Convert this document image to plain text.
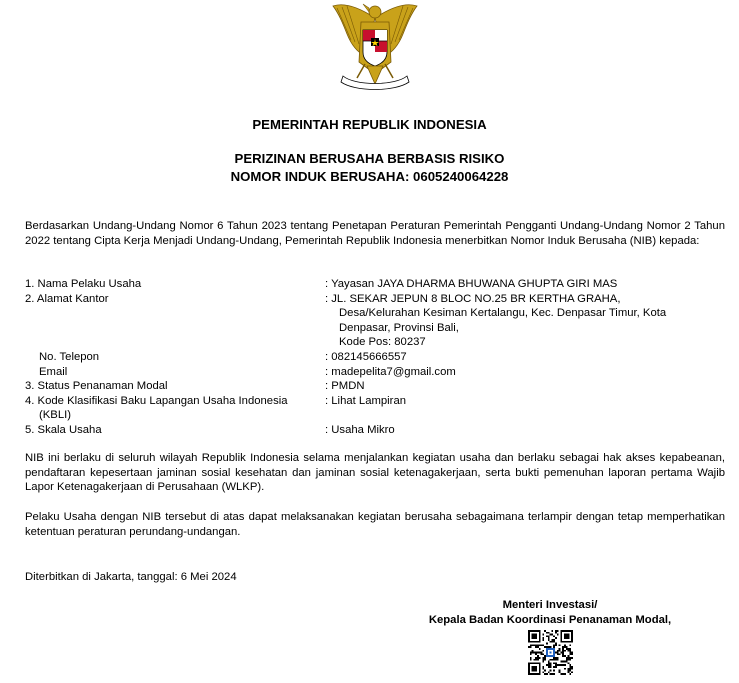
PEMERINTAH REPUBLIK INDONESIA
PERIZINAN BERUSAHA BERBASIS RISIKO
NOMOR INDUK BERUSAHA: 0605240064228
Berdasarkan Undang-Undang Nomor 6 Tahun 2023 tentang Penetapan Peraturan Pemerintah Pengganti Undang-Undang Nomor 2 Tahun 2022 tentang Cipta Kerja Menjadi Undang-Undang, Pemerintah Republik Indonesia menerbitkan Nomor Induk Berusaha (NIB) kepada:
1. Nama Pelaku Usaha	: Yayasan JAYA DHARMA BHUWANA GHUPTA GIRI MAS
2. Alamat Kantor	: JL. SEKAR JEPUN 8 BLOC NO.25 BR KERTHA GRAHA,
Desa/Kelurahan Kesiman Kertalangu, Kec. Denpasar Timur, Kota
Denpasar, Provinsi Bali,
Kode Pos: 80237
No. Telepon	: 082145666557
Email	: madepelita7@gmail.com
3. Status Penanaman Modal	: PMDN
4. Kode Klasifikasi Baku Lapangan Usaha Indonesia	: Lihat Lampiran
(KBLI)
5. Skala Usaha	: Usaha Mikro
NIB ini berlaku di seluruh wilayah Republik Indonesia selama menjalankan kegiatan usaha dan berlaku sebagai hak akses kepabeanan, pendaftaran kepesertaan jaminan sosial kesehatan dan jaminan sosial ketenagakerjaan, serta bukti pemenuhan laporan pertama Wajib Lapor Ketenagakerjaan di Perusahaan (WLKP).
Pelaku Usaha dengan NIB tersebut di atas dapat melaksanakan kegiatan berusaha sebagaimana terlampir dengan tetap memperhatikan ketentuan peraturan perundang-undangan.
Diterbitkan di Jakarta, tanggal: 6 Mei 2024
Menteri Investasi/
Kepala Badan Koordinasi Penanaman Modal,
